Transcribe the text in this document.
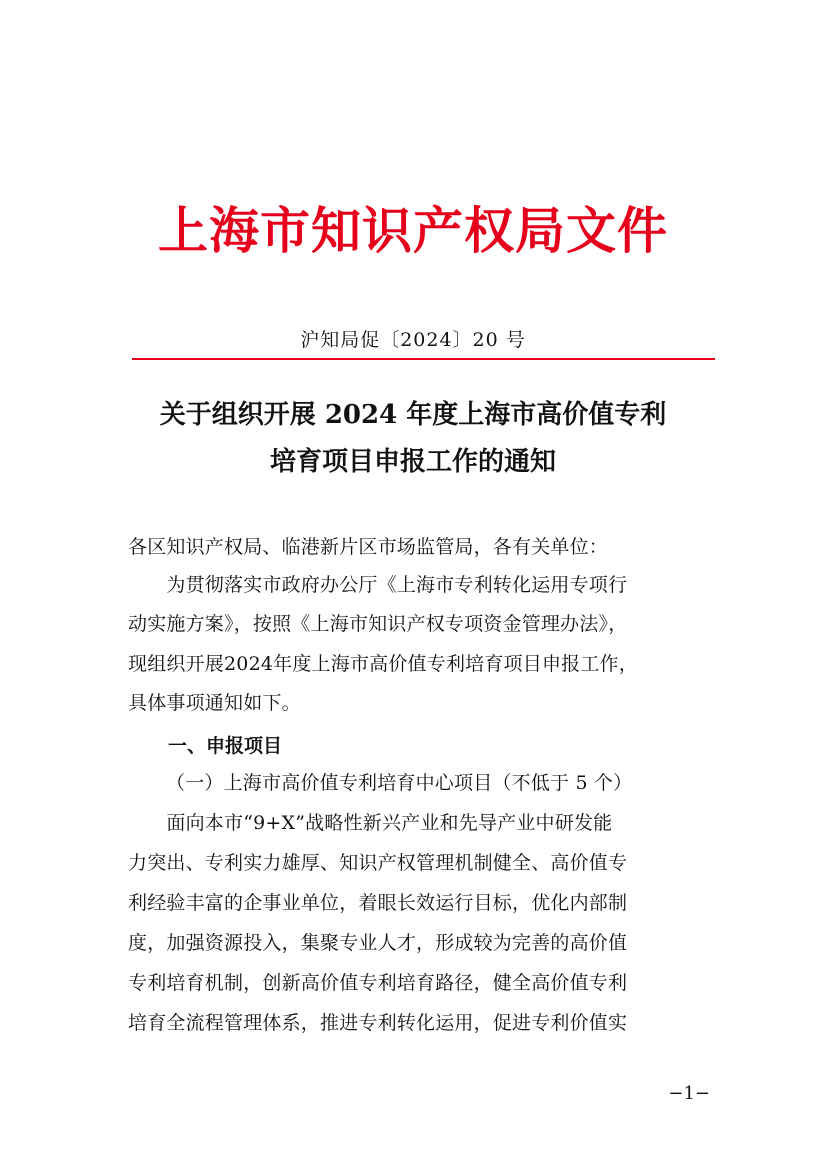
上海市知识产权局文件
沪知局促〔2024〕20 号
关于组织开展 2024 年度上海市高价值专利
培育项目申报工作的通知
各区知识产权局、临港新片区市场监管局，各有关单位：
　　为贯彻落实市政府办公厅《上海市专利转化运用专项行
动实施方案》，按照《上海市知识产权专项资金管理办法》，
现组织开展2024年度上海市高价值专利培育项目申报工作，
具体事项通知如下。
一、申报项目
（一）上海市高价值专利培育中心项目（不低于 5 个）
　　面向本市“9+X”战略性新兴产业和先导产业中研发能
力突出、专利实力雄厚、知识产权管理机制健全、高价值专
利经验丰富的企事业单位，着眼长效运行目标，优化内部制
度，加强资源投入，集聚专业人才，形成较为完善的高价值
专利培育机制，创新高价值专利培育路径，健全高价值专利
培育全流程管理体系，推进专利转化运用，促进专利价值实
−1−
